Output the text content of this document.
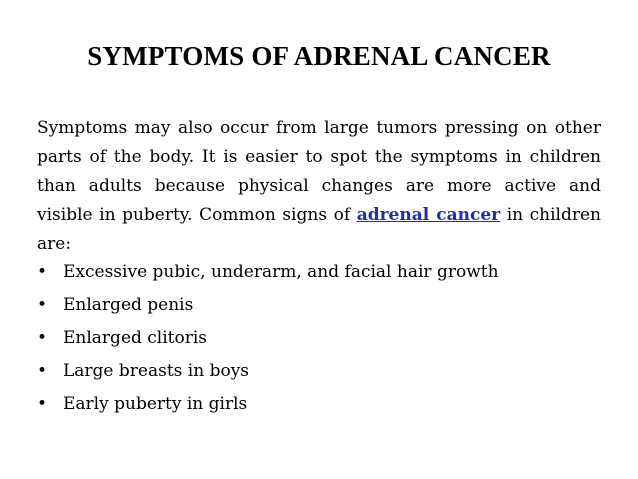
SYMPTOMS OF ADRENAL CANCER
Symptoms may also occur from large tumors pressing on other parts of the body. It is easier to spot the symptoms in children than adults because physical changes are more active and visible in puberty. Common signs of adrenal cancer in children are:
• Excessive pubic, underarm, and facial hair growth
• Enlarged penis
• Enlarged clitoris
• Large breasts in boys
• Early puberty in girls
